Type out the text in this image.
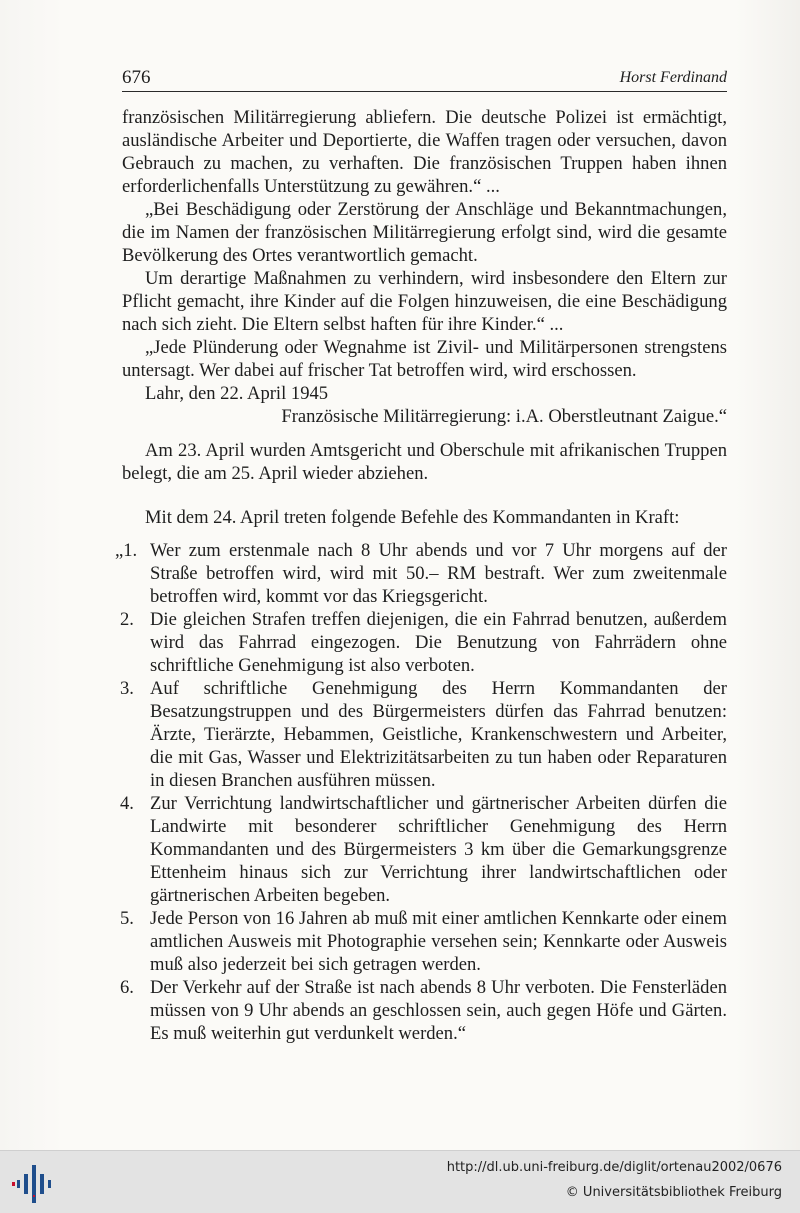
676	Horst Ferdinand

französischen Militärregierung abliefern. Die deutsche Polizei ist ermächtigt, ausländische Arbeiter und Deportierte, die Waffen tragen oder versuchen, davon Gebrauch zu machen, zu verhaften. Die französischen Truppen haben ihnen erforderlichenfalls Unterstützung zu gewähren.“ ...

„Bei Beschädigung oder Zerstörung der Anschläge und Bekanntmachungen, die im Namen der französischen Militärregierung erfolgt sind, wird die gesamte Bevölkerung des Ortes verantwortlich gemacht.

Um derartige Maßnahmen zu verhindern, wird insbesondere den Eltern zur Pflicht gemacht, ihre Kinder auf die Folgen hinzuweisen, die eine Beschädigung nach sich zieht. Die Eltern selbst haften für ihre Kinder.“ ...

„Jede Plünderung oder Wegnahme ist Zivil- und Militärpersonen strengstens untersagt. Wer dabei auf frischer Tat betroffen wird, wird erschossen.

Lahr, den 22. April 1945

Französische Militärregierung: i.A. Oberstleutnant Zaigue.“

Am 23. April wurden Amtsgericht und Oberschule mit afrikanischen Truppen belegt, die am 25. April wieder abziehen.

Mit dem 24. April treten folgende Befehle des Kommandanten in Kraft:

„1. Wer zum erstenmale nach 8 Uhr abends und vor 7 Uhr morgens auf der Straße betroffen wird, wird mit 50.– RM bestraft. Wer zum zweitenmale betroffen wird, kommt vor das Kriegsgericht.
2. Die gleichen Strafen treffen diejenigen, die ein Fahrrad benutzen, außerdem wird das Fahrrad eingezogen. Die Benutzung von Fahrrädern ohne schriftliche Genehmigung ist also verboten.
3. Auf schriftliche Genehmigung des Herrn Kommandanten der Besatzungstruppen und des Bürgermeisters dürfen das Fahrrad benutzen: Ärzte, Tierärzte, Hebammen, Geistliche, Krankenschwestern und Arbeiter, die mit Gas, Wasser und Elektrizitätsarbeiten zu tun haben oder Reparaturen in diesen Branchen ausführen müssen.
4. Zur Verrichtung landwirtschaftlicher und gärtnerischer Arbeiten dürfen die Landwirte mit besonderer schriftlicher Genehmigung des Herrn Kommandanten und des Bürgermeisters 3 km über die Gemarkungsgrenze Ettenheim hinaus sich zur Verrichtung ihrer landwirtschaftlichen oder gärtnerischen Arbeiten begeben.
5. Jede Person von 16 Jahren ab muß mit einer amtlichen Kennkarte oder einem amtlichen Ausweis mit Photographie versehen sein; Kennkarte oder Ausweis muß also jederzeit bei sich getragen werden.
6. Der Verkehr auf der Straße ist nach abends 8 Uhr verboten. Die Fensterläden müssen von 9 Uhr abends an geschlossen sein, auch gegen Höfe und Gärten. Es muß weiterhin gut verdunkelt werden.“
http://dl.ub.uni-freiburg.de/diglit/ortenau2002/0676
© Universitätsbibliothek Freiburg
